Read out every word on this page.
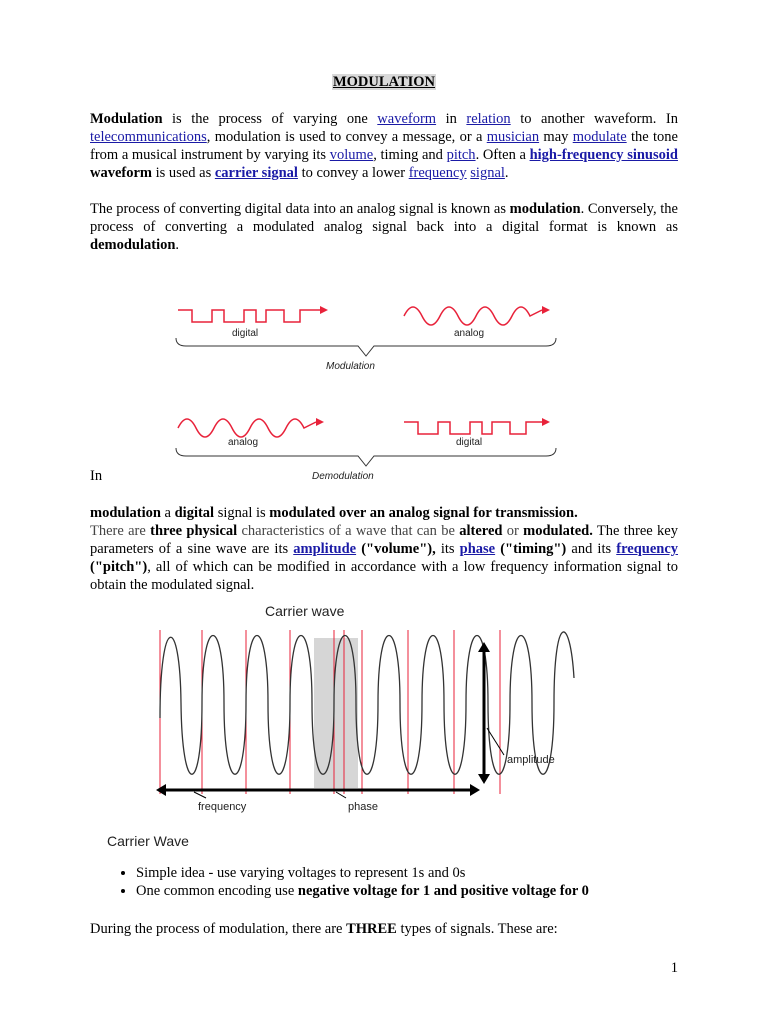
MODULATION
Modulation is the process of varying one waveform in relation to another waveform. In telecommunications, modulation is used to convey a message, or a musician may modulate the tone from a musical instrument by varying its volume, timing and pitch. Often a high-frequency sinusoid waveform is used as carrier signal to convey a lower frequency signal.
The process of converting digital data into an analog signal is known as modulation. Conversely, the process of converting a modulated analog signal back into a digital format is known as demodulation.
digital	analog
Modulation
analog	digital
Demodulation
In
modulation a digital signal is modulated over an analog signal for transmission.
There are three physical characteristics of a wave that can be altered or modulated. The three key parameters of a sine wave are its amplitude ("volume"), its phase ("timing") and its frequency ("pitch"), all of which can be modified in accordance with a low frequency information signal to obtain the modulated signal.
Carrier wave
amplitude
frequency	phase
Carrier Wave
• Simple idea - use varying voltages to represent 1s and 0s
• One common encoding use negative voltage for 1 and positive voltage for 0
During the process of modulation, there are THREE types of signals. These are:
1
